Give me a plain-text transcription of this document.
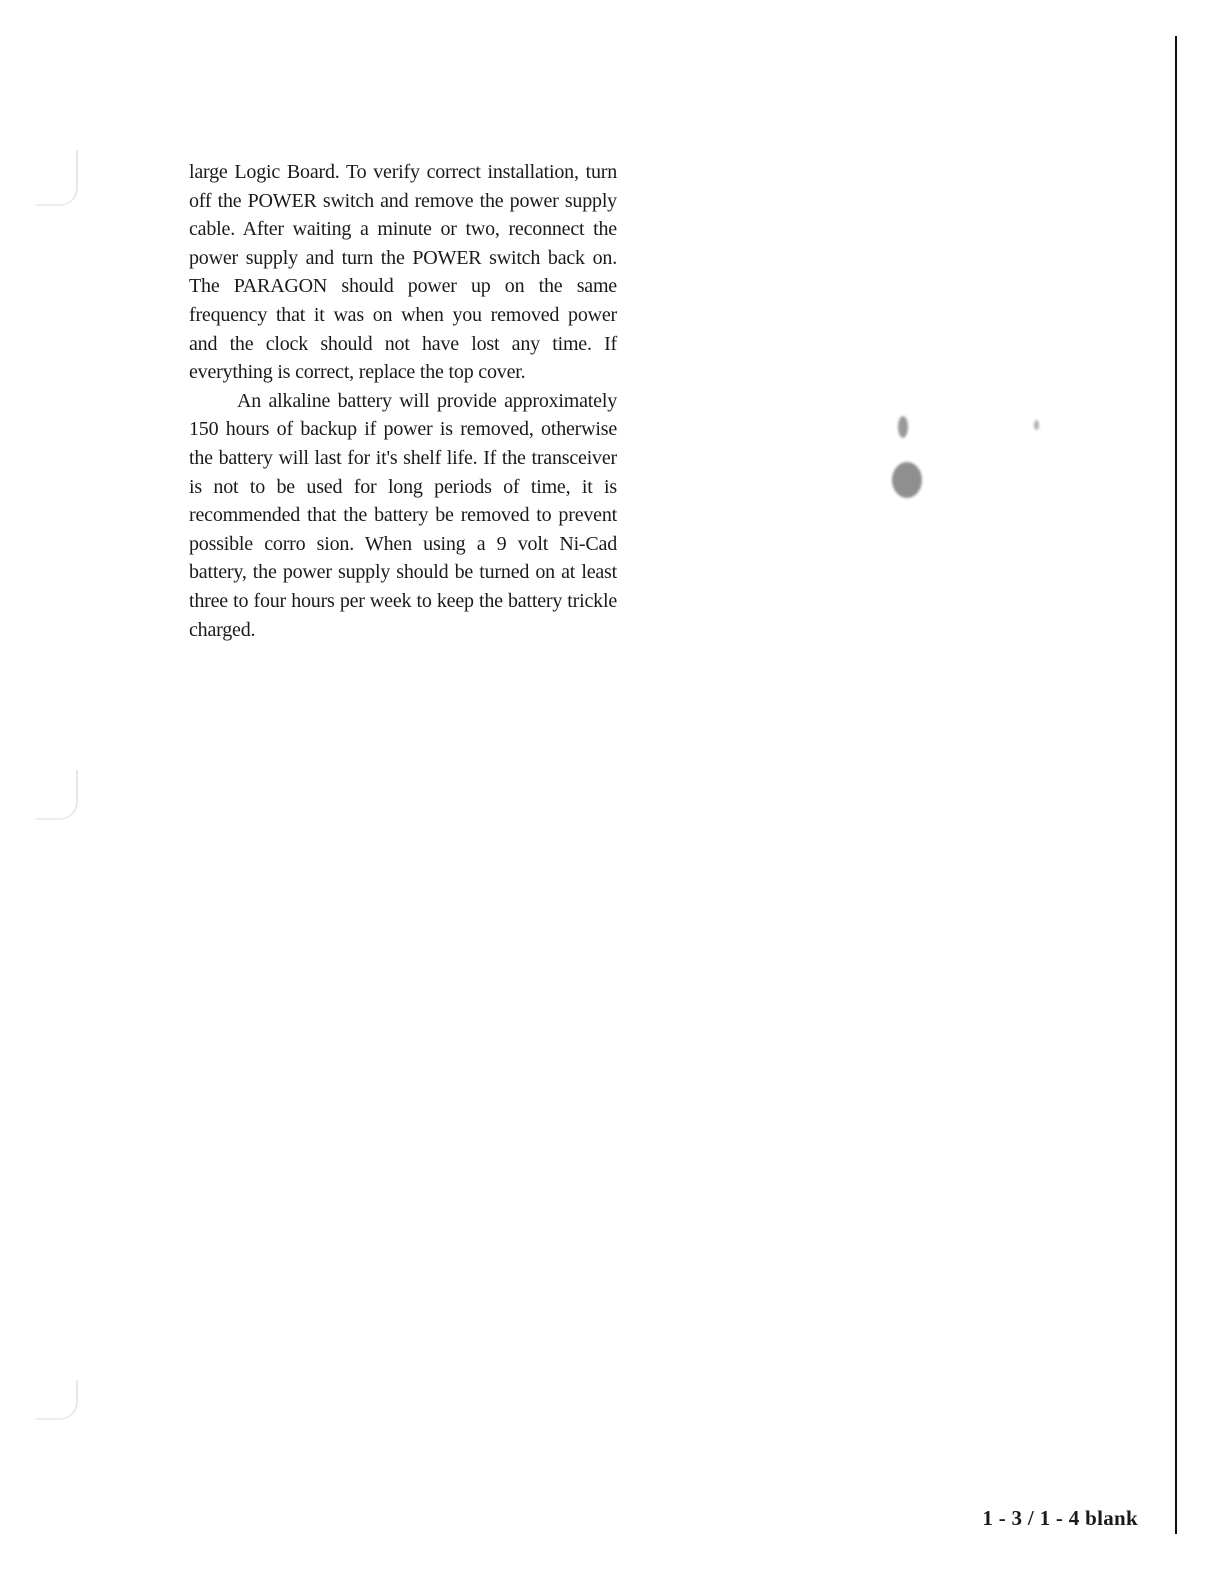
large Logic Board. To verify correct installation, turn off the POWER switch and remove the power supply cable. After waiting a minute or two, reconnect the power supply and turn the POWER switch back on. The PARAGON should power up on the same frequency that it was on when you removed power and the clock should not have lost any time. If everything is correct, replace the top cover.

An alkaline battery will provide approximately 150 hours of backup if power is removed, otherwise the battery will last for it's shelf life. If the transceiver is not to be used for long periods of time, it is recommended that the battery be removed to prevent possible corro sion. When using a 9 volt Ni-Cad battery, the power supply should be turned on at least three to four hours per week to keep the battery trickle charged.

1 - 3 / 1 - 4 blank
